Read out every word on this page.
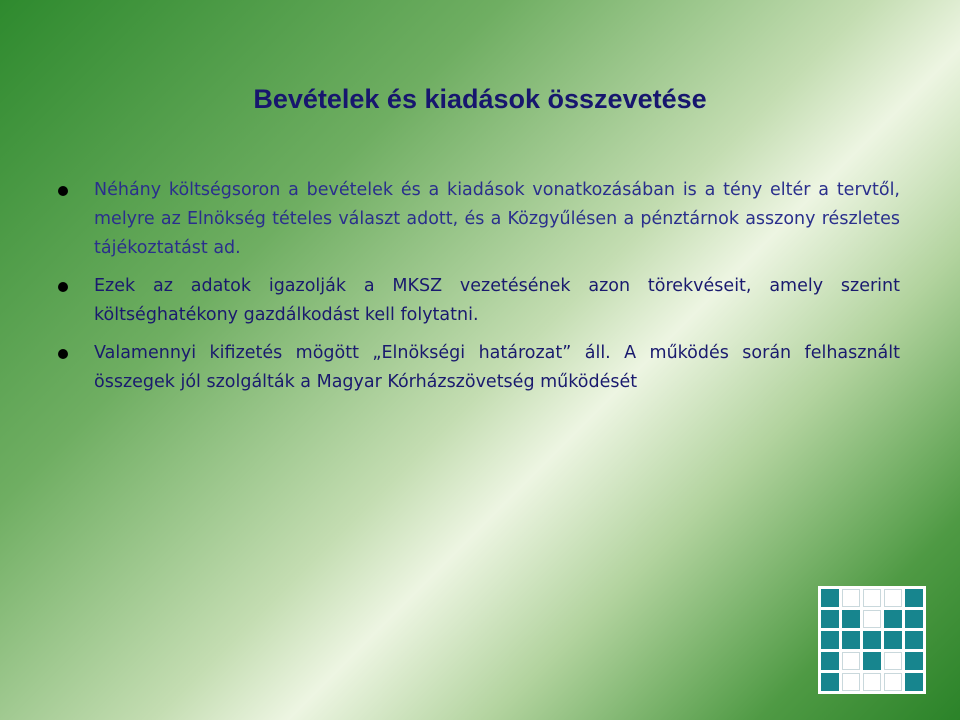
Bevételek és kiadások összevetése
Néhány költségsoron a bevételek és a kiadások vonatkozásában is a tény eltér a tervtől, melyre az Elnökség tételes választ adott, és a Közgyűlésen a pénztárnok asszony részletes tájékoztatást ad.
Ezek az adatok igazolják a MKSZ vezetésének azon törekvéseit, amely szerint költséghatékony gazdálkodást kell folytatni.
Valamennyi kifizetés mögött „Elnökségi határozat” áll. A működés során felhasznált összegek jól szolgálták a Magyar Kórházszövetség működését
